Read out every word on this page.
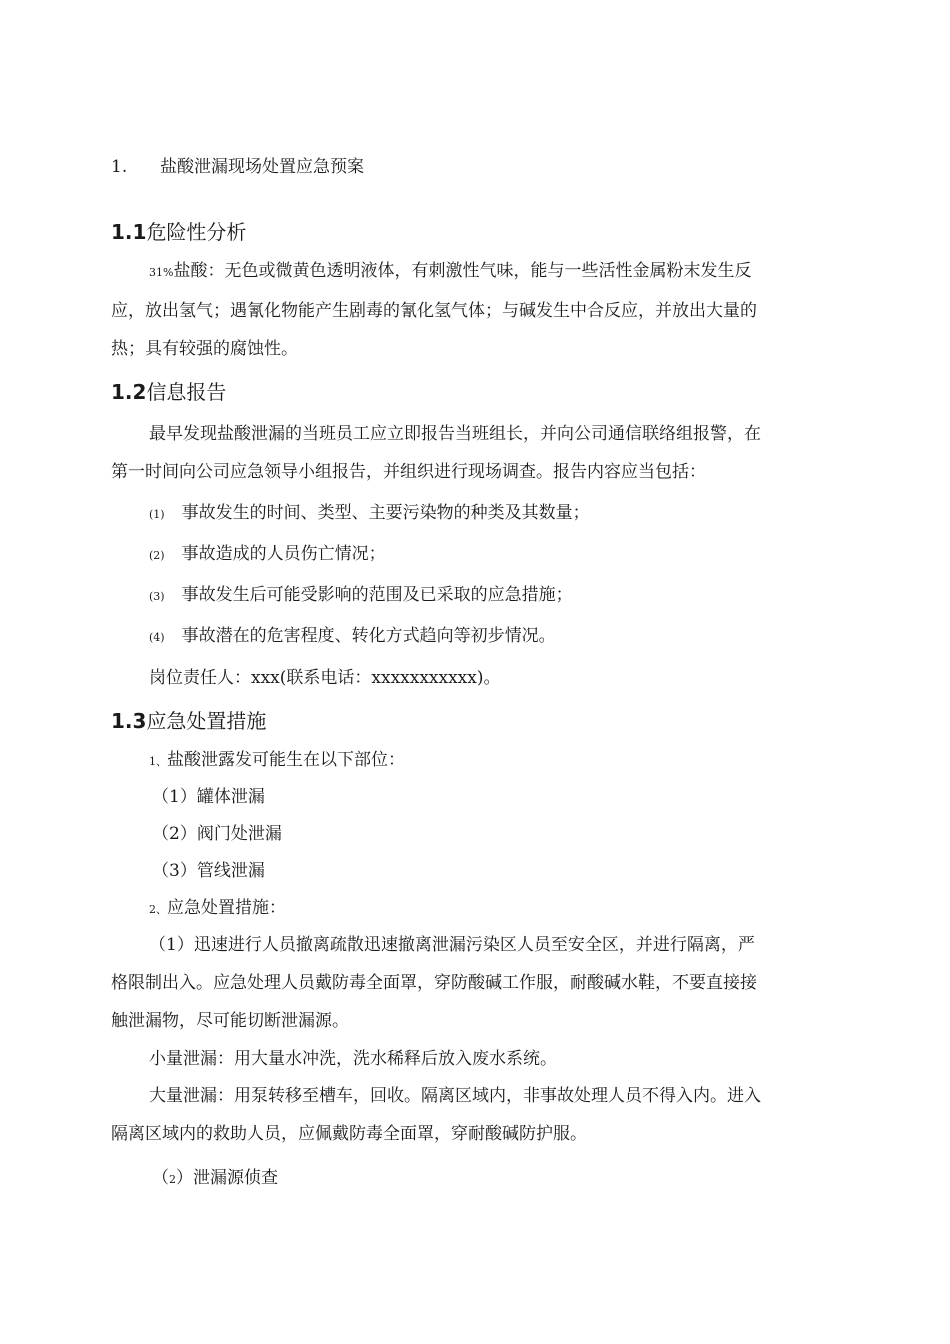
1. 盐酸泄漏现场处置应急预案
1.1危险性分析
31%盐酸：无色或微黄色透明液体，有刺激性气味，能与一些活性金属粉末发生反
应，放出氢气；遇氰化物能产生剧毒的氰化氢气体；与碱发生中合反应，并放出大量的
热；具有较强的腐蚀性。
1.2信息报告
最早发现盐酸泄漏的当班员工应立即报告当班组长，并向公司通信联络组报警，在
第一时间向公司应急领导小组报告，并组织进行现场调查。报告内容应当包括：
(1) 事故发生的时间、类型、主要污染物的种类及其数量；
(2) 事故造成的人员伤亡情况；
(3) 事故发生后可能受影响的范围及已采取的应急措施；
(4) 事故潜在的危害程度、转化方式趋向等初步情况。
岗位责任人：xxx(联系电话：xxxxxxxxxxx)。
1.3应急处置措施
1、盐酸泄露发可能生在以下部位：
（1）罐体泄漏
（2）阀门处泄漏
（3）管线泄漏
2、应急处置措施：
（1）迅速进行人员撤离疏散迅速撤离泄漏污染区人员至安全区，并进行隔离，严
格限制出入。应急处理人员戴防毒全面罩，穿防酸碱工作服，耐酸碱水鞋，不要直接接
触泄漏物，尽可能切断泄漏源。
小量泄漏：用大量水冲洗，洗水稀释后放入废水系统。
大量泄漏：用泵转移至槽车，回收。隔离区域内，非事故处理人员不得入内。进入
隔离区域内的救助人员，应佩戴防毒全面罩，穿耐酸碱防护服。
（2）泄漏源侦查
